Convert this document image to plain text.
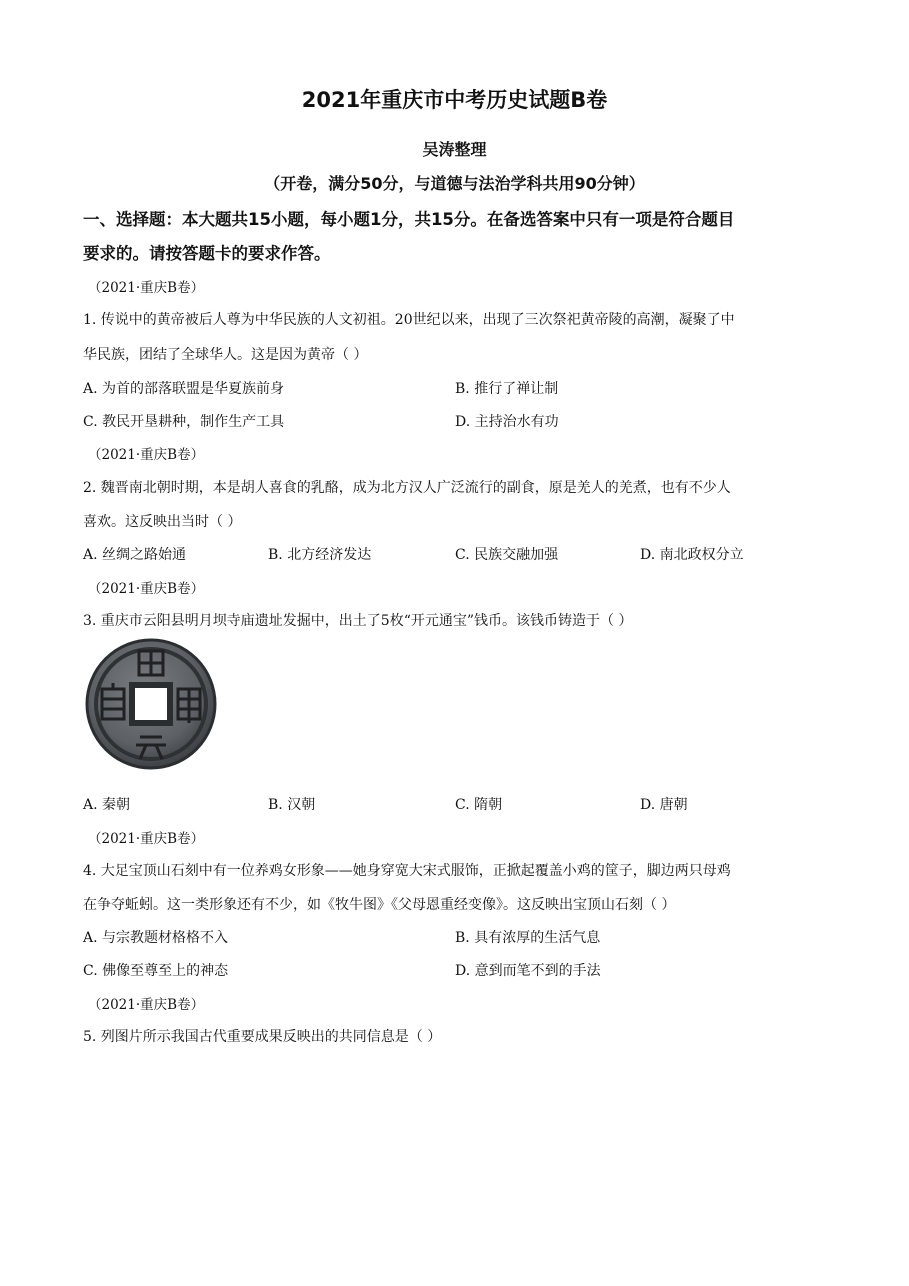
2021年重庆市中考历史试题B卷
吴涛整理
（开卷，满分50分，与道德与法治学科共用90分钟）
一、选择题：本大题共15小题，每小题1分，共15分。在备选答案中只有一项是符合题目
要求的。请按答题卡的要求作答。
（2021·重庆B卷）
1. 传说中的黄帝被后人尊为中华民族的人文初祖。20世纪以来，出现了三次祭祀黄帝陵的高潮，凝聚了中
华民族，团结了全球华人。这是因为黄帝（ ）
A. 为首的部落联盟是华夏族前身	B. 推行了禅让制
C. 教民开垦耕种，制作生产工具	D. 主持治水有功
（2021·重庆B卷）
2. 魏晋南北朝时期，本是胡人喜食的乳酪，成为北方汉人广泛流行的副食，原是羌人的羌煮，也有不少人
喜欢。这反映出当时（ ）
A. 丝绸之路始通	B. 北方经济发达	C. 民族交融加强	D. 南北政权分立
（2021·重庆B卷）
3. 重庆市云阳县明月坝寺庙遗址发掘中，出土了5枚“开元通宝”钱币。该钱币铸造于（ ）
A. 秦朝	B. 汉朝	C. 隋朝	D. 唐朝
（2021·重庆B卷）
4. 大足宝顶山石刻中有一位养鸡女形象——她身穿宽大宋式服饰，正掀起覆盖小鸡的筐子，脚边两只母鸡
在争夺蚯蚓。这一类形象还有不少，如《牧牛图》《父母恩重经变像》。这反映出宝顶山石刻（ ）
A. 与宗教题材格格不入	B. 具有浓厚的生活气息
C. 佛像至尊至上的神态	D. 意到而笔不到的手法
（2021·重庆B卷）
5. 列图片所示我国古代重要成果反映出的共同信息是（ ）
